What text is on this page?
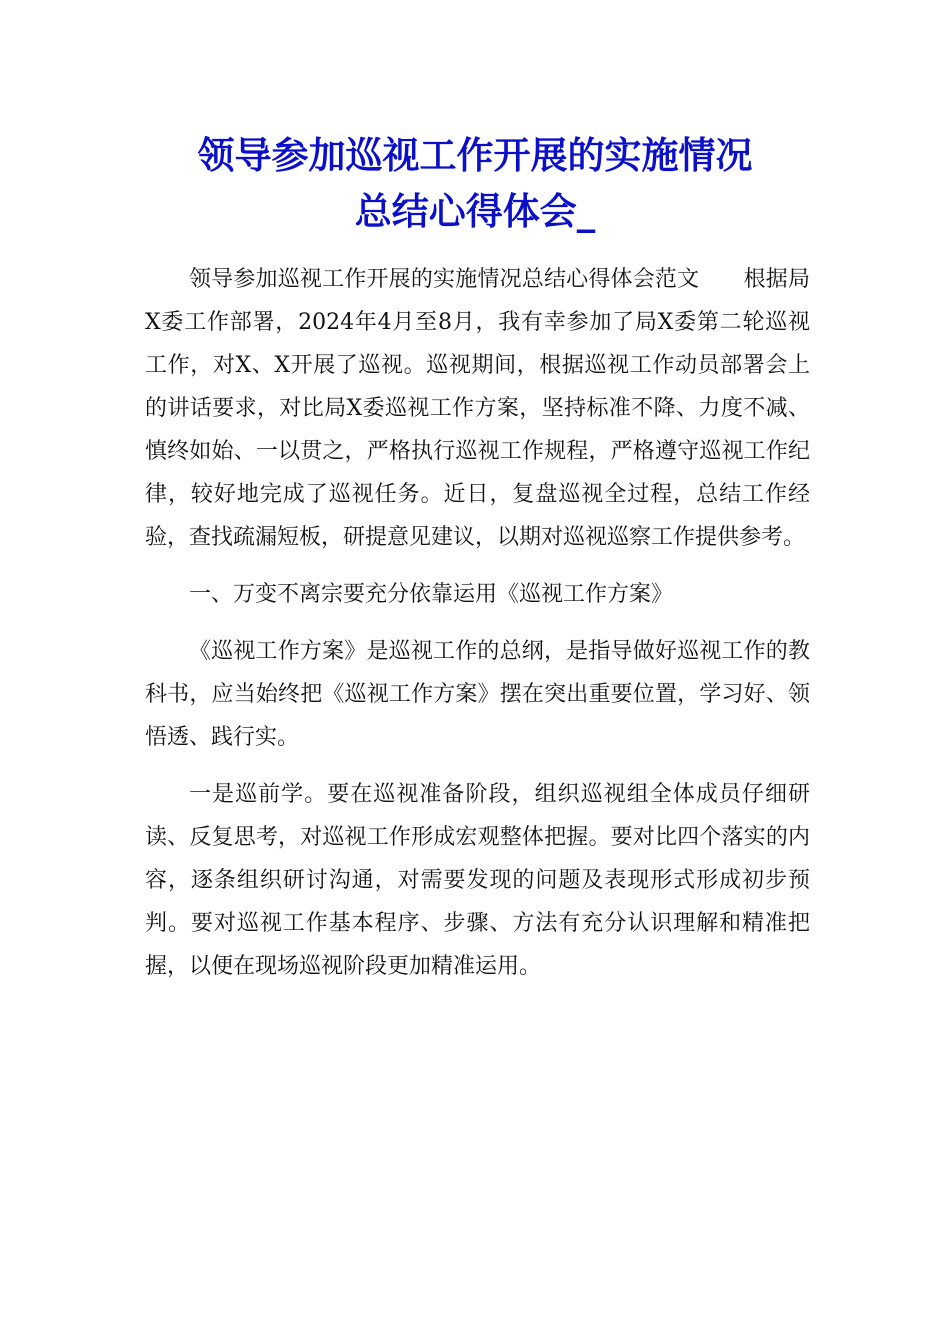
领导参加巡视工作开展的实施情况
总结心得体会_

领导参加巡视工作开展的实施情况总结心得体会范文　　根据局X委工作部署，2024年4月至8月，我有幸参加了局X委第二轮巡视工作，对X、X开展了巡视。巡视期间，根据巡视工作动员部署会上的讲话要求，对比局X委巡视工作方案，坚持标准不降、力度不减、慎终如始、一以贯之，严格执行巡视工作规程，严格遵守巡视工作纪律，较好地完成了巡视任务。近日，复盘巡视全过程，总结工作经验，查找疏漏短板，研提意见建议，以期对巡视巡察工作提供参考。

一、万变不离宗要充分依靠运用《巡视工作方案》

《巡视工作方案》是巡视工作的总纲，是指导做好巡视工作的教科书，应当始终把《巡视工作方案》摆在突出重要位置，学习好、领悟透、践行实。

一是巡前学。要在巡视准备阶段，组织巡视组全体成员仔细研读、反复思考，对巡视工作形成宏观整体把握。要对比四个落实的内容，逐条组织研讨沟通，对需要发现的问题及表现形式形成初步预判。要对巡视工作基本程序、步骤、方法有充分认识理解和精准把握，以便在现场巡视阶段更加精准运用。
